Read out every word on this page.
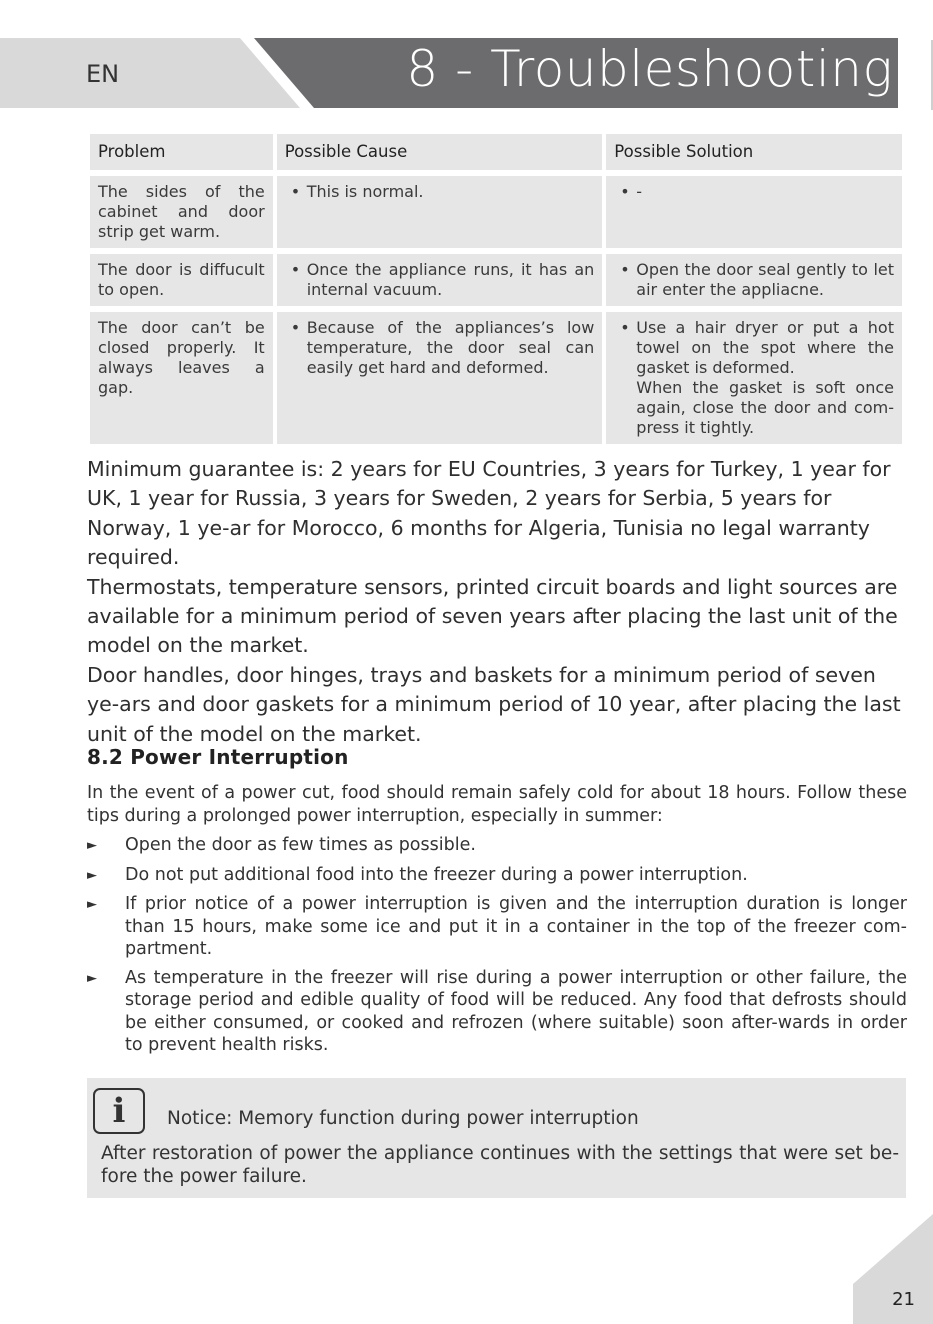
EN	8 - Troubleshooting
Problem	Possible Cause	Possible Solution
The sides of the cabinet and door strip get warm.	• This is normal.	• -

The door is diffucult to open.	• Once the appliance runs, it has an internal vacuum.	• Open the door seal gently to let air enter the appliacne.

The door can’t be closed properly. It always leaves a gap.	• Because of the appliances’s low temperature, the door seal can easily get hard and deformed.	• Use a hair dryer or put a hot towel on the spot where the gasket is deformed.
When the gasket is soft once again, close the door and com-press it tightly.

Minimum guarantee is: 2 years for EU Countries, 3 years for Turkey, 1 year for UK, 1 year for Russia, 3 years for Sweden, 2 years for Serbia, 5 years for Norway, 1 ye-ar for Morocco, 6 months for Algeria, Tunisia no legal warranty required.

Thermostats, temperature sensors, printed circuit boards and light sources are available for a minimum period of seven years after placing the last unit of the model on the market.

Door handles, door hinges, trays and baskets for a minimum period of seven ye-ars and door gaskets for a minimum period of 10 year, after placing the last unit of the model on the market.

8.2 Power Interruption
In the event of a power cut, food should remain safely cold for about 18 hours. Follow these tips during a prolonged power interruption, especially in summer:
►	Open the door as few times as possible.
►	Do not put additional food into the freezer during a power interruption.
►	If prior notice of a power interruption is given and the interruption duration is longer than 15 hours, make some ice and put it in a container in the top of the freezer com-partment.
►	As temperature in the freezer will rise during a power interruption or other failure, the storage period and edible quality of food will be reduced. Any food that defrosts should be either consumed, or cooked and refrozen (where suitable) soon after-wards in order to prevent health risks.
i	Notice: Memory function during power interruption
After restoration of power the appliance continues with the settings that were set be-fore the power failure.
21
